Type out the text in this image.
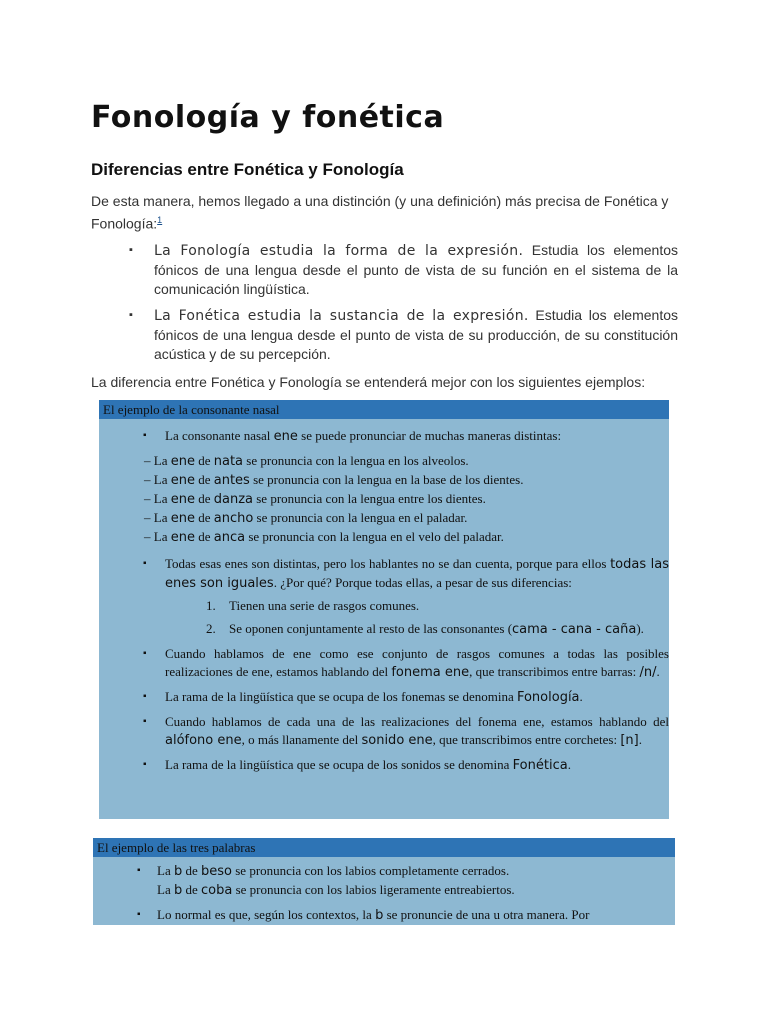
Fonología y fonética
Diferencias entre Fonética y Fonología

De esta manera, hemos llegado a una distinción (y una definición) más precisa de Fonética y Fonología:$^1$

▪ La Fonología estudia la forma de la expresión. Estudia los elementos fónicos de una lengua desde el punto de vista de su función en el sistema de la comunicación lingüística.
▪ La Fonética estudia la sustancia de la expresión. Estudia los elementos fónicos de una lengua desde el punto de vista de su producción, de su constitución acústica y de su percepción.

La diferencia entre Fonética y Fonología se entenderá mejor con los siguientes ejemplos:

El ejemplo de la consonante nasal
▪ La consonante nasal ene se puede pronunciar de muchas maneras distintas:
– La ene de nata se pronuncia con la lengua en los alveolos.
– La ene de antes se pronuncia con la lengua en la base de los dientes.
– La ene de danza se pronuncia con la lengua entre los dientes.
– La ene de ancho se pronuncia con la lengua en el paladar.
– La ene de anca se pronuncia con la lengua en el velo del paladar.
▪ Todas esas enes son distintas, pero los hablantes no se dan cuenta, porque para ellos todas las enes son iguales. ¿Por qué? Porque todas ellas, a pesar de sus diferencias:
1. Tienen una serie de rasgos comunes.
2. Se oponen conjuntamente al resto de las consonantes (cama - cana - caña).
▪ Cuando hablamos de ene como ese conjunto de rasgos comunes a todas las posibles realizaciones de ene, estamos hablando del fonema ene, que transcribimos entre barras: /n/.
▪ La rama de la lingüística que se ocupa de los fonemas se denomina Fonología.
▪ Cuando hablamos de cada una de las realizaciones del fonema ene, estamos hablando del alófono ene, o más llanamente del sonido ene, que transcribimos entre corchetes: [n].
▪ La rama de la lingüística que se ocupa de los sonidos se denomina Fonética.
El ejemplo de las tres palabras
▪ La b de beso se pronuncia con los labios completamente cerrados.
La b de coba se pronuncia con los labios ligeramente entreabiertos.
▪ Lo normal es que, según los contextos, la b se pronuncie de una u otra manera. Por
